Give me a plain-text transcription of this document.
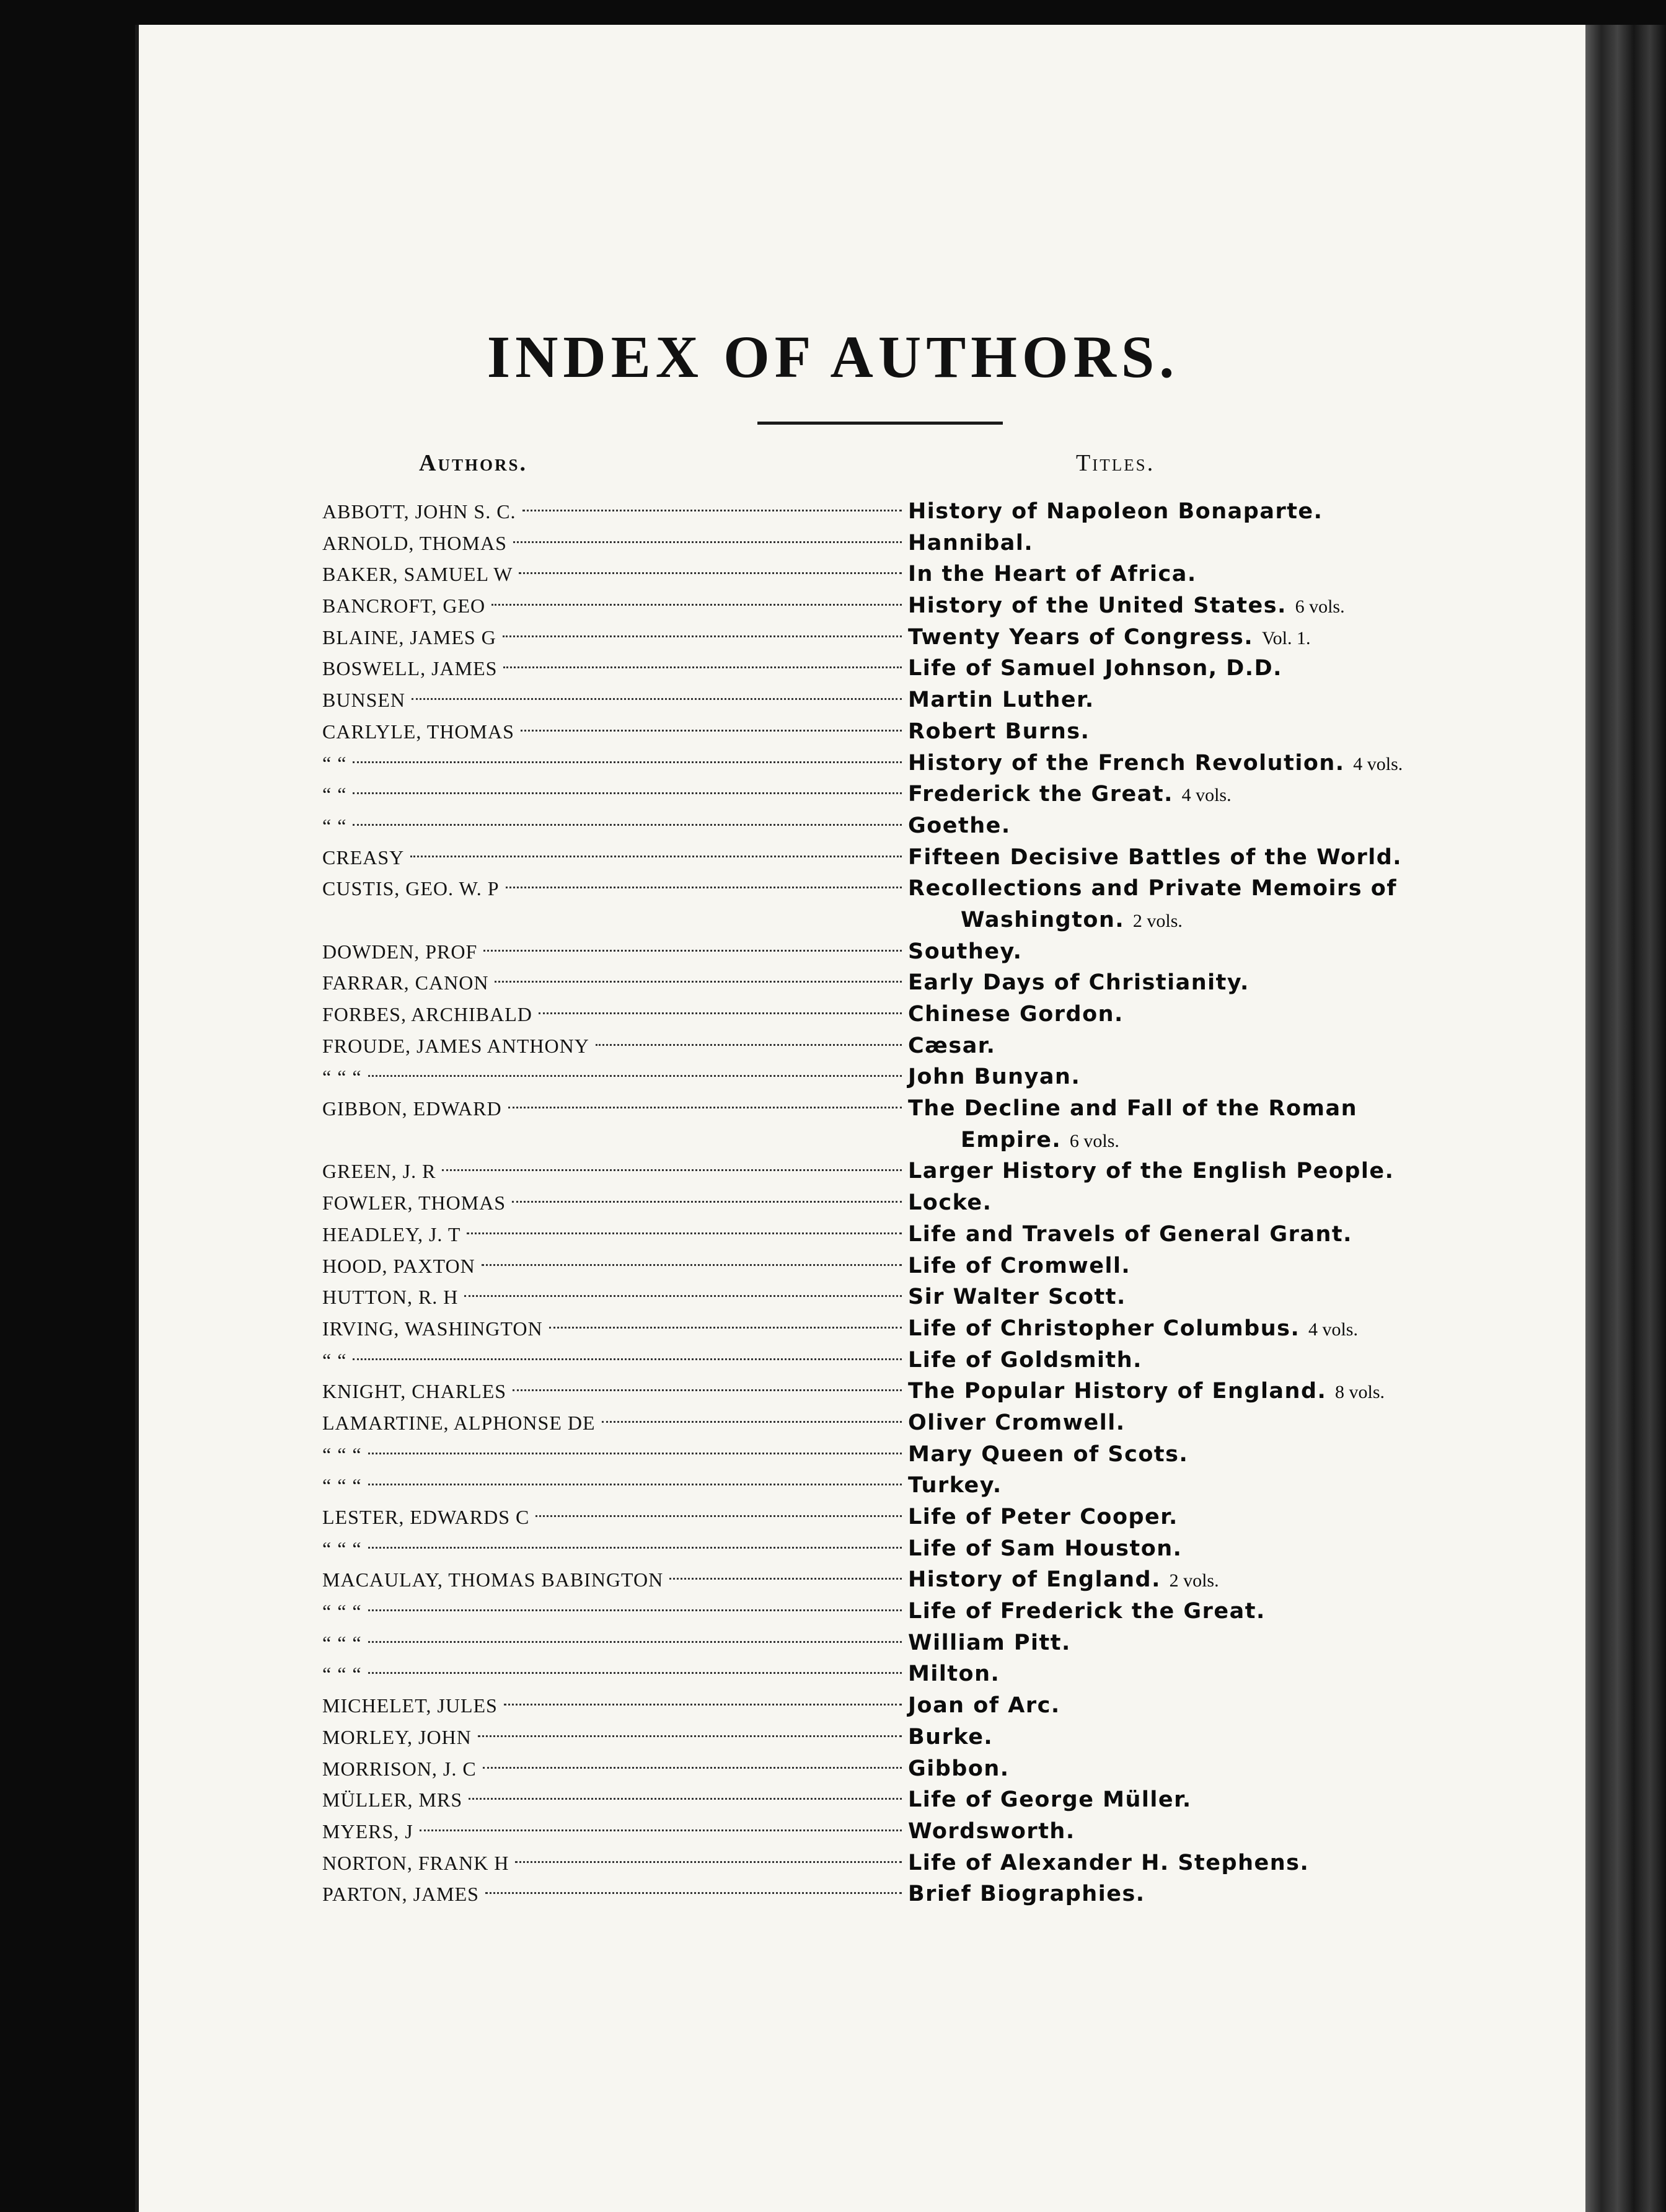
INDEX OF AUTHORS.
Authors.	Titles.
ABBOTT, JOHN S. C.	History of Napoleon Bonaparte.
ARNOLD, THOMAS	Hannibal.
BAKER, SAMUEL W	In the Heart of Africa.
BANCROFT, GEO	History of the United States. 6 vols.
BLAINE, JAMES G	Twenty Years of Congress. Vol. 1.
BOSWELL, JAMES	Life of Samuel Johnson, D.D.
BUNSEN	Martin Luther.
CARLYLE, THOMAS	Robert Burns.
“ “	History of the French Revolution. 4 vols.
“ “	Frederick the Great. 4 vols.
“ “	Goethe.
CREASY	Fifteen Decisive Battles of the World.
CUSTIS, GEO. W. P	Recollections and Private Memoirs of
Washington. 2 vols.
DOWDEN, PROF	Southey.
FARRAR, CANON	Early Days of Christianity.
FORBES, ARCHIBALD	Chinese Gordon.
FROUDE, JAMES ANTHONY	Cæsar.
“ “ “	John Bunyan.
GIBBON, EDWARD	The Decline and Fall of the Roman
Empire. 6 vols.
GREEN, J. R	Larger History of the English People.
FOWLER, THOMAS	Locke.
HEADLEY, J. T	Life and Travels of General Grant.
HOOD, PAXTON	Life of Cromwell.
HUTTON, R. H	Sir Walter Scott.
IRVING, WASHINGTON	Life of Christopher Columbus. 4 vols.
“ “	Life of Goldsmith.
KNIGHT, CHARLES	The Popular History of England. 8 vols.
LAMARTINE, ALPHONSE DE	Oliver Cromwell.
“ “ “	Mary Queen of Scots.
“ “ “	Turkey.
LESTER, EDWARDS C	Life of Peter Cooper.
“ “ “	Life of Sam Houston.
MACAULAY, THOMAS BABINGTON	History of England. 2 vols.
“ “ “	Life of Frederick the Great.
“ “ “	William Pitt.
“ “ “	Milton.
MICHELET, JULES	Joan of Arc.
MORLEY, JOHN	Burke.
MORRISON, J. C	Gibbon.
MÜLLER, MRS	Life of George Müller.
MYERS, J	Wordsworth.
NORTON, FRANK H	Life of Alexander H. Stephens.
PARTON, JAMES	Brief Biographies.
